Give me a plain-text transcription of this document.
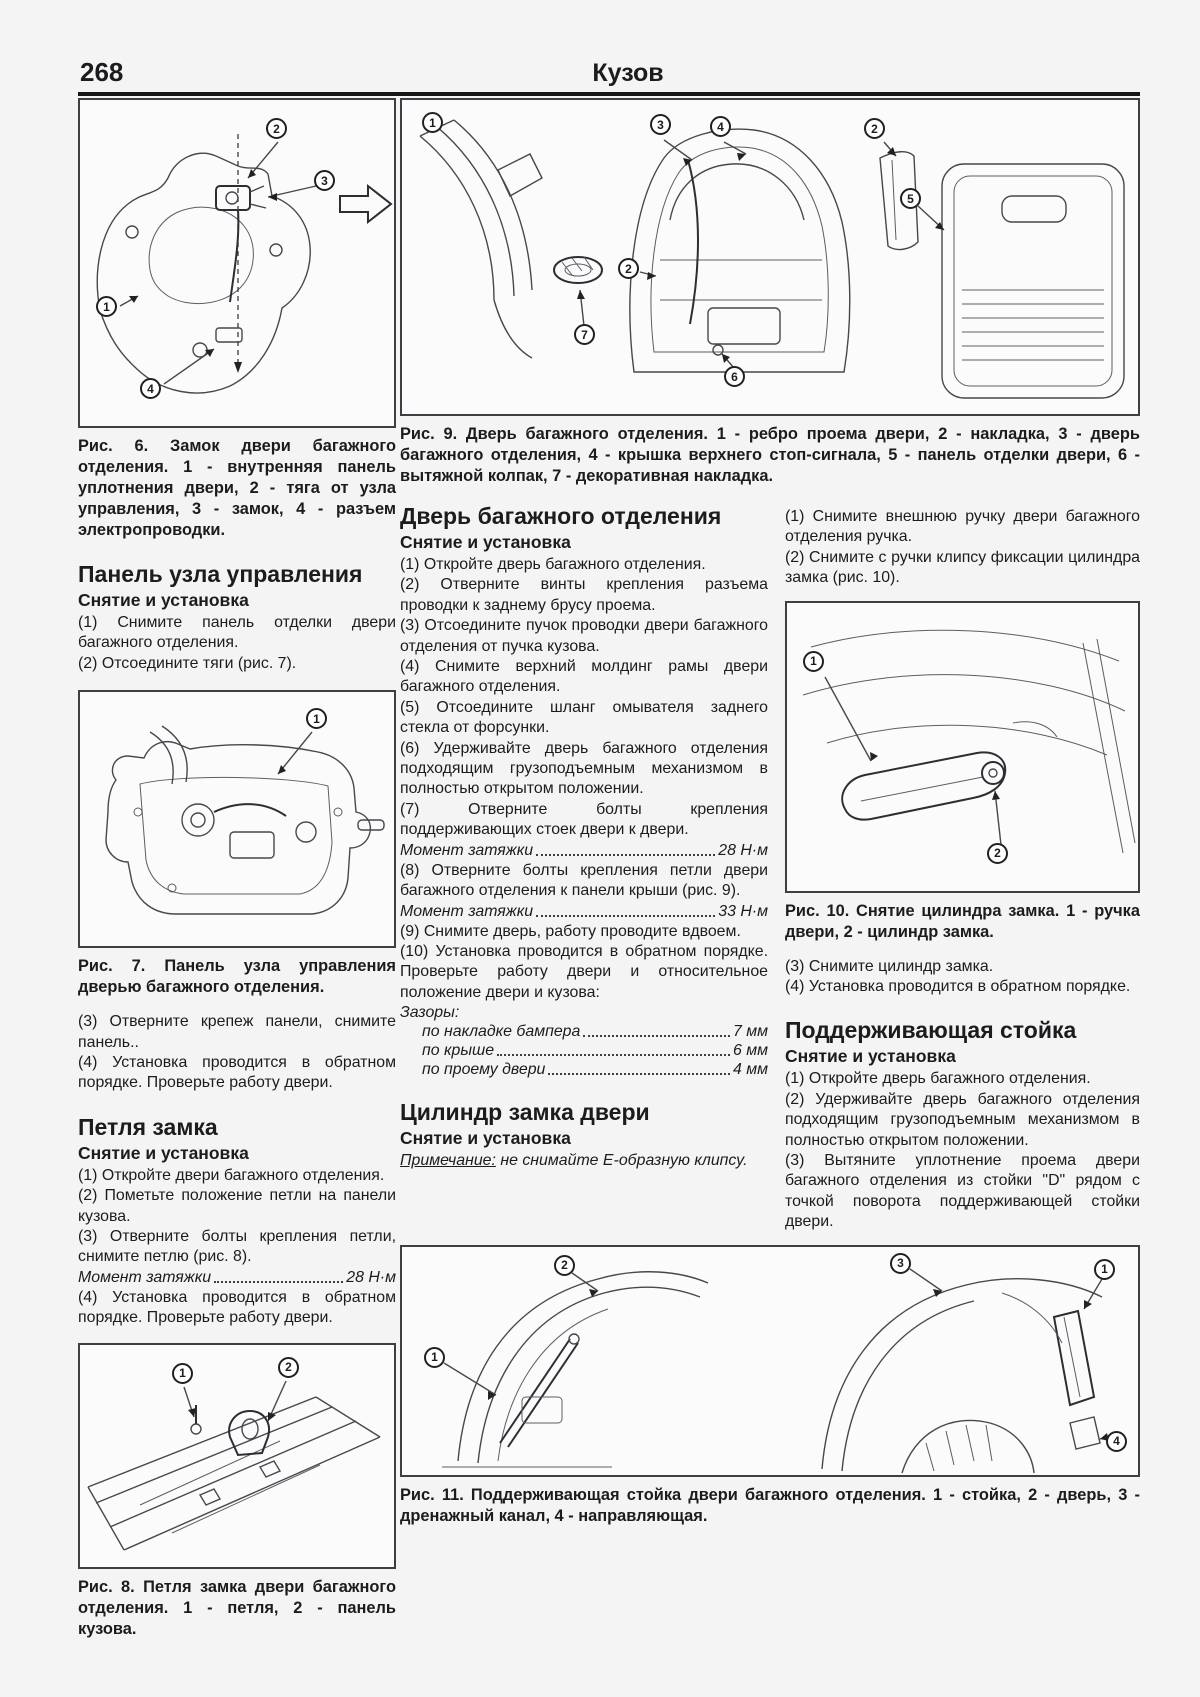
268	Кузов
1
2
3
4

Рис. 6. Замок двери багажного отделения. 1 - внутренняя панель уплотнения двери, 2 - тяга от узла управления, 3 - замок, 4 - разъем электропроводки.

Панель узла управления
Снятие и установка

(1) Снимите панель отделки двери багажного отделения.

(2) Отсоедините тяги (рис. 7).

1

Рис. 7. Панель узла управления дверью багажного отделения.

(3) Отверните крепеж панели, снимите панель..

(4) Установка проводится в обратном порядке. Проверьте работу двери.

Петля замка
Снятие и установка

(1) Откройте двери багажного отделения.

(2) Пометьте положение петли на панели кузова.

(3) Отверните болты крепления петли, снимите петлю (рис. 8).

Момент затяжки	28 Н·м

(4) Установка проводится в обратном порядке. Проверьте работу двери.

1	2

Рис. 8. Петля замка двери багажного отделения. 1 - петля, 2 - панель кузова.

1	3	4	2
5
2
7
6

Рис. 9. Дверь багажного отделения. 1 - ребро проема двери, 2 - накладка, 3 - дверь багажного отделения, 4 - крышка верхнего стоп-сигнала, 5 - панель отделки двери, 6 - вытяжной колпак, 7 - декоративная накладка.

Дверь багажного отделения
Снятие и установка

(1) Откройте дверь багажного отделения.

(2) Отверните винты крепления разъема проводки к заднему брусу проема.

(3) Отсоедините пучок проводки двери багажного отделения от пучка кузова.

(4) Снимите верхний молдинг рамы двери багажного отделения.

(5) Отсоедините шланг омывателя заднего стекла от форсунки.

(6) Удерживайте дверь багажного отделения подходящим грузоподъемным механизмом в полностью открытом положении.

(7) Отверните болты крепления поддерживающих стоек двери к двери.

Момент затяжки	28 Н·м

(8) Отверните болты крепления петли двери багажного отделения к панели крыши (рис. 9).

Момент затяжки	33 Н·м

(9) Снимите дверь, работу проводите вдвоем.

(10) Установка проводится в обратном порядке. Проверьте работу двери и относительное положение двери и кузова:

Зазоры:

по накладке бампера	7 мм

по крыше	6 мм

по проему двери	4 мм

Цилиндр замка двери
Снятие и установка

Примечание: не снимайте Е-образную клипсу.

(1) Снимите внешнюю ручку двери багажного отделения ручка.

(2) Снимите с ручки клипсу фиксации цилиндра замка (рис. 10).

1
2

Рис. 10. Снятие цилиндра замка. 1 - ручка двери, 2 - цилиндр замка.

(3) Снимите цилиндр замка.

(4) Установка проводится в обратном порядке.

Поддерживающая стойка
Снятие и установка

(1) Откройте дверь багажного отделения.

(2) Удерживайте дверь багажного отделения подходящим грузоподъемным механизмом в полностью открытом положении.

(3) Вытяните уплотнение проема двери багажного отделения из стойки "D" рядом с точкой поворота поддерживающей стойки двери.

2
1
3	1
4

Рис. 11. Поддерживающая стойка двери багажного отделения. 1 - стойка, 2 - дверь, 3 - дренажный канал, 4 - направляющая.
